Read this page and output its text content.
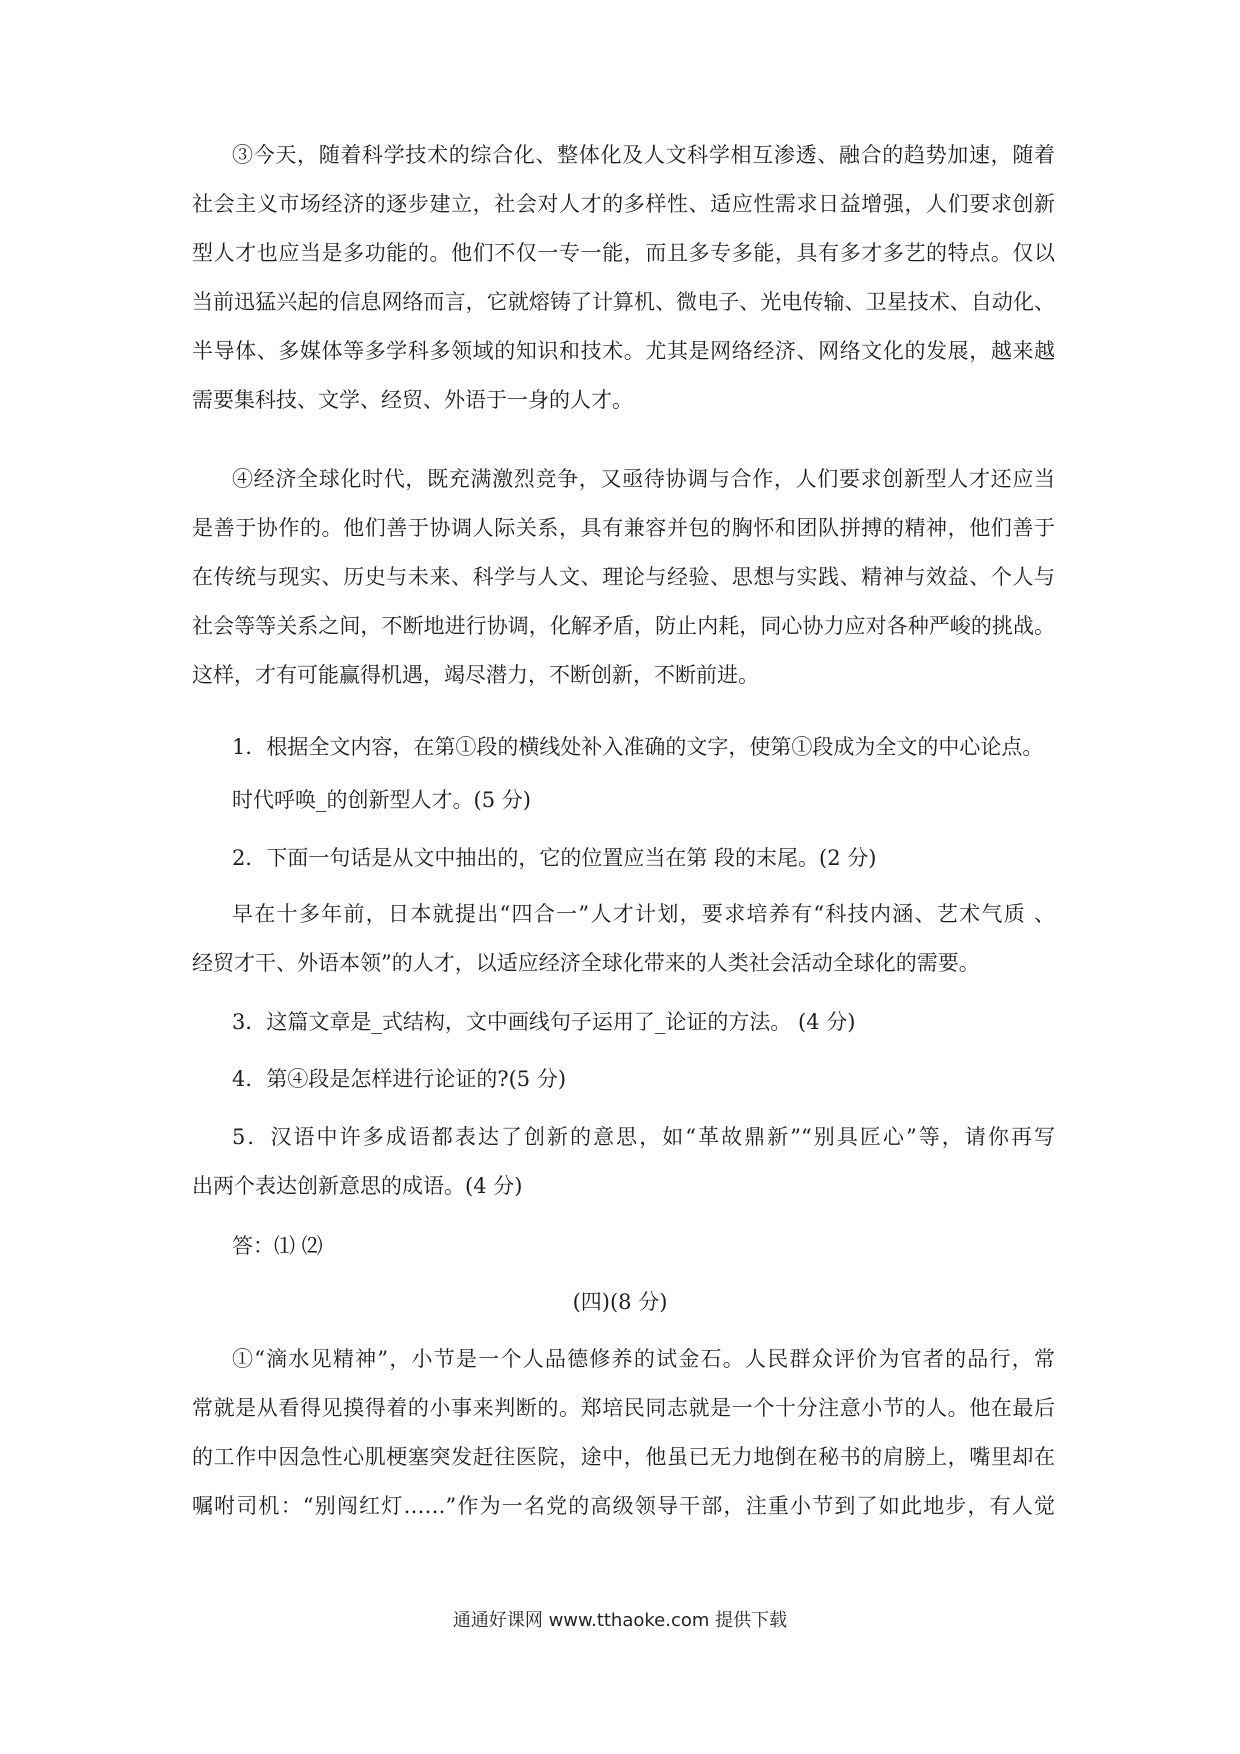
③今天，随着科学技术的综合化、整体化及人文科学相互渗透、融合的趋势加速，随着
社会主义市场经济的逐步建立，社会对人才的多样性、适应性需求日益增强，人们要求创新
型人才也应当是多功能的。他们不仅一专一能，而且多专多能，具有多才多艺的特点。仅以
当前迅猛兴起的信息网络而言，它就熔铸了计算机、微电子、光电传输、卫星技术、自动化、
半导体、多媒体等多学科多领域的知识和技术。尤其是网络经济、网络文化的发展，越来越
需要集科技、文学、经贸、外语于一身的人才。
④经济全球化时代，既充满激烈竞争，又亟待协调与合作，人们要求创新型人才还应当
是善于协作的。他们善于协调人际关系，具有兼容并包的胸怀和团队拼搏的精神，他们善于
在传统与现实、历史与未来、科学与人文、理论与经验、思想与实践、精神与效益、个人与
社会等等关系之间，不断地进行协调，化解矛盾，防止内耗，同心协力应对各种严峻的挑战。
这样，才有可能赢得机遇，竭尽潜力，不断创新，不断前进。

1．根据全文内容，在第①段的横线处补入准确的文字，使第①段成为全文的中心论点。

时代呼唤_的创新型人才。(5 分)

2．下面一句话是从文中抽出的，它的位置应当在第 段的末尾。(2 分)

早在十多年前，日本就提出“四合一”人才计划，要求培养有“科技内涵、艺术气质 、
经贸才干、外语本领”的人才，以适应经济全球化带来的人类社会活动全球化的需要。

3．这篇文章是_式结构，文中画线句子运用了_论证的方法。 (4 分)

4．第④段是怎样进行论证的?(5 分)

5．汉语中许多成语都表达了创新的意思，如“革故鼎新”“别具匠心”等，请你再写
出两个表达创新意思的成语。(4 分)

答：⑴ ⑵

(四)(8 分)

①“滴水见精神”，小节是一个人品德修养的试金石。人民群众评价为官者的品行，常
常就是从看得见摸得着的小事来判断的。郑培民同志就是一个十分注意小节的人。他在最后
的工作中因急性心肌梗塞突发赶往医院，途中，他虽已无力地倒在秘书的肩膀上，嘴里却在
嘱咐司机：“别闯红灯……”作为一名党的高级领导干部，注重小节到了如此地步，有人觉
通通好课网 www.tthaoke.com 提供下载
